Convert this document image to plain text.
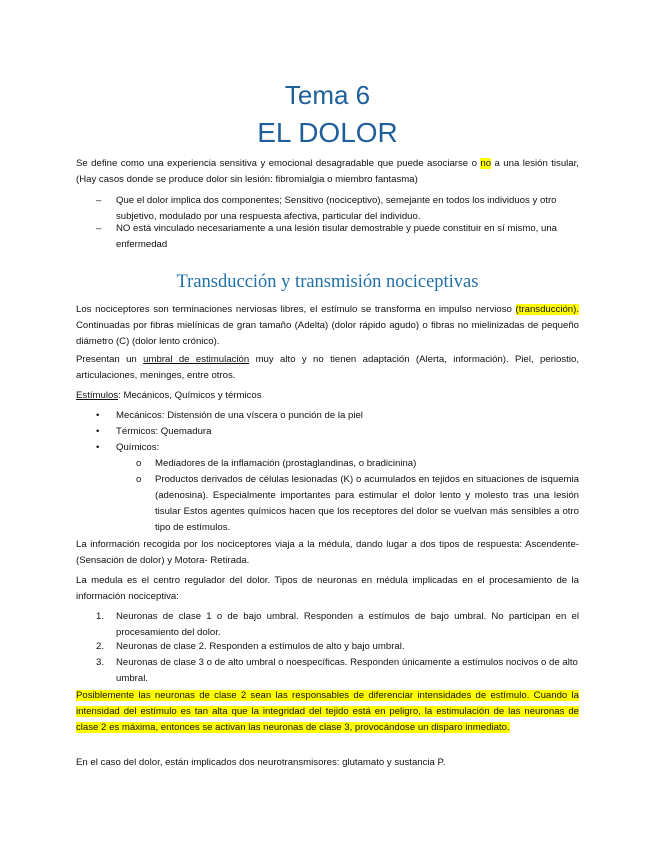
Tema 6
EL DOLOR
Se define como una experiencia sensitiva y emocional desagradable que puede asociarse o no a una lesión tisular, (Hay casos donde se produce dolor sin lesión: fibromialgia o miembro fantasma)
– Que el dolor implica dos componentes; Sensitivo (nociceptivo), semejante en todos los individuos y otro subjetivo, modulado por una respuesta afectiva, particular del individuo.
– NO está vinculado necesariamente a una lesión tisular demostrable y puede constituir en sí mismo, una enfermedad
Transducción y transmisión nociceptivas
Los nociceptores son terminaciones nerviosas libres, el estímulo se transforma en impulso nervioso (transducción). Continuadas por fibras mielínicas de gran tamaño (Adelta) (dolor rápido agudo) o fibras no mielinizadas de pequeño diámetro (C) (dolor lento crónico).
Presentan un umbral de estimulación muy alto y no tienen adaptación (Alerta, información). Piel, periostio, articulaciones, meninges, entre otros.
Estímulos: Mecánicos, Químicos y térmicos
• Mecánicos: Distensión de una víscera o punción de la piel
• Térmicos: Quemadura
• Químicos:
o Mediadores de la inflamación (prostaglandinas, o bradicinina)
o Productos derivados de células lesionadas (K) o acumulados en tejidos en situaciones de isquemia (adenosina). Especialmente importantes para estimular el dolor lento y molesto tras una lesión tisular Estos agentes químicos hacen que los receptores del dolor se vuelvan más sensibles a otro tipo de estímulos.
La información recogida por los nociceptores viaja a la médula, dando lugar a dos tipos de respuesta: Ascendente- (Sensación de dolor) y Motora- Retirada.
La medula es el centro regulador del dolor. Tipos de neuronas en médula implicadas en el procesamiento de la información nociceptiva:
1. Neuronas de clase 1 o de bajo umbral. Responden a estímulos de bajo umbral. No participan en el procesamiento del dolor.
2. Neuronas de clase 2. Responden a estímulos de alto y bajo umbral.
3. Neuronas de clase 3 o de alto umbral o noespecíficas. Responden únicamente a estímulos nocivos o de alto umbral.
Posiblemente las neuronas de clase 2 sean las responsables de diferenciar intensidades de estímulo. Cuando la intensidad del estímulo es tan alta que la integridad del tejido está en peligro, la estimulación de las neuronas de clase 2 es máxima, entonces se activan las neuronas de clase 3, provocándose un disparo inmediato.
En el caso del dolor, están implicados dos neurotransmisores: glutamato y sustancia P.
